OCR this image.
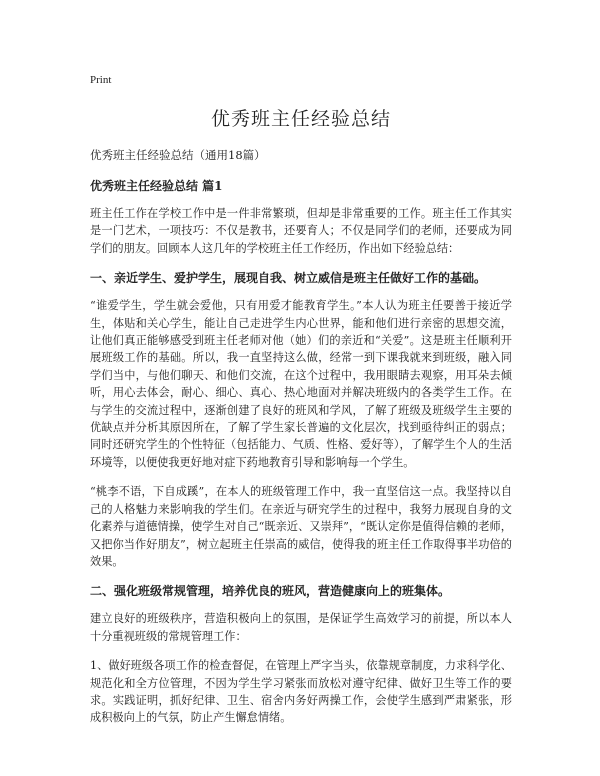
Print
优秀班主任经验总结

优秀班主任经验总结（通用18篇）

优秀班主任经验总结 篇1

班主任工作在学校工作中是一件非常繁琐，但却是非常重要的工作。班主任工作其实是一门艺术，一项技巧：不仅是教书，还要育人；不仅是同学们的老师，还要成为同学们的朋友。回顾本人这几年的学校班主任工作经历，作出如下经验总结：

一、亲近学生、爱护学生，展现自我、树立威信是班主任做好工作的基础。

“谁爱学生，学生就会爱他，只有用爱才能教育学生。”本人认为班主任要善于接近学生，体贴和关心学生，能让自己走进学生内心世界，能和他们进行亲密的思想交流，让他们真正能够感受到班主任老师对他（她）们的亲近和“关爱”。这是班主任顺利开展班级工作的基础。所以，我一直坚持这么做，经常一到下课我就来到班级，融入同学们当中，与他们聊天、和他们交流，在这个过程中，我用眼睛去观察，用耳朵去倾听，用心去体会，耐心、细心、真心、热心地面对并解决班级内的各类学生工作。在与学生的交流过程中，逐渐创建了良好的班风和学风，了解了班级及班级学生主要的优缺点并分析其原因所在，了解了学生家长普遍的文化层次，找到亟待纠正的弱点；同时还研究学生的个性特征（包括能力、气质、性格、爱好等），了解学生个人的生活环境等，以便使我更好地对症下药地教育引导和影响每一个学生。

“桃李不语，下自成蹊”，在本人的班级管理工作中，我一直坚信这一点。我坚持以自己的人格魅力来影响我的学生们。在亲近与研究学生的过程中，我努力展现自身的文化素养与道德情操，使学生对自己“既亲近、又崇拜”，“既认定你是值得信赖的老师，又把你当作好朋友”，树立起班主任崇高的威信，使得我的班主任工作取得事半功倍的效果。

二、强化班级常规管理，培养优良的班风，营造健康向上的班集体。

建立良好的班级秩序，营造积极向上的氛围，是保证学生高效学习的前提，所以本人十分重视班级的常规管理工作：

1、做好班级各项工作的检查督促，在管理上严字当头，依靠规章制度，力求科学化、规范化和全方位管理，不因为学生学习紧张而放松对遵守纪律、做好卫生等工作的要求。实践证明，抓好纪律、卫生、宿舍内务好两操工作，会使学生感到严肃紧张，形成积极向上的气氛，防止产生懈怠情绪。
